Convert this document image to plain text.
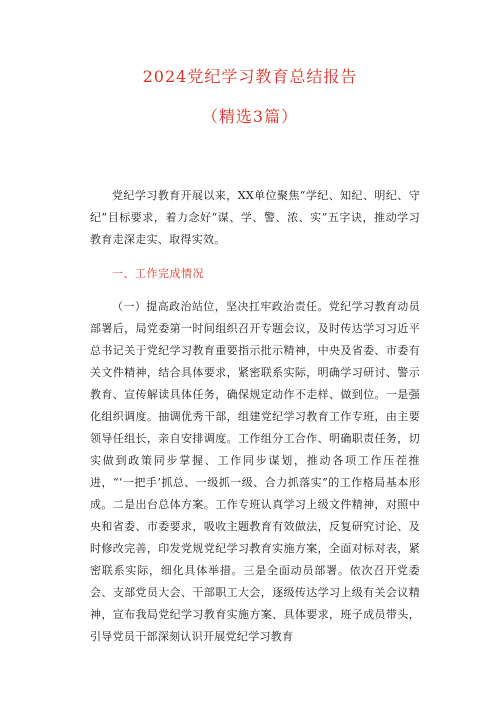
2024党纪学习教育总结报告
（精选3篇）

党纪学习教育开展以来，XX单位聚焦“学纪、知纪、明纪、守纪”目标要求，着力念好“谋、学、警、浓、实”五字诀，推动学习教育走深走实、取得实效。

一、工作完成情况

（一）提高政治站位，坚决扛牢政治责任。党纪学习教育动员部署后，局党委第一时间组织召开专题会议，及时传达学习习近平总书记关于党纪学习教育重要指示批示精神，中央及省委、市委有关文件精神，结合具体要求，紧密联系实际，明确学习研讨、警示教育、宣传解读具体任务，确保规定动作不走样、做到位。一是强化组织调度。抽调优秀干部，组建党纪学习教育工作专班，由主要领导任组长，亲自安排调度。工作组分工合作、明确职责任务，切实做到政策同步掌握、工作同步谋划，推动各项工作压茬推进，“‘一把手’抓总、一级抓一级、合力抓落实”的工作格局基本形成。二是出台总体方案。工作专班认真学习上级文件精神，对照中央和省委、市委要求，吸收主题教育有效做法，反复研究讨论、及时修改完善，印发党规党纪学习教育实施方案，全面对标对表，紧密联系实际，细化具体举措。三是全面动员部署。依次召开党委会、支部党员大会、干部职工大会，逐级传达学习上级有关会议精神，宣布我局党纪学习教育实施方案、具体要求，班子成员带头，引导党员干部深刻认识开展党纪学习教育
